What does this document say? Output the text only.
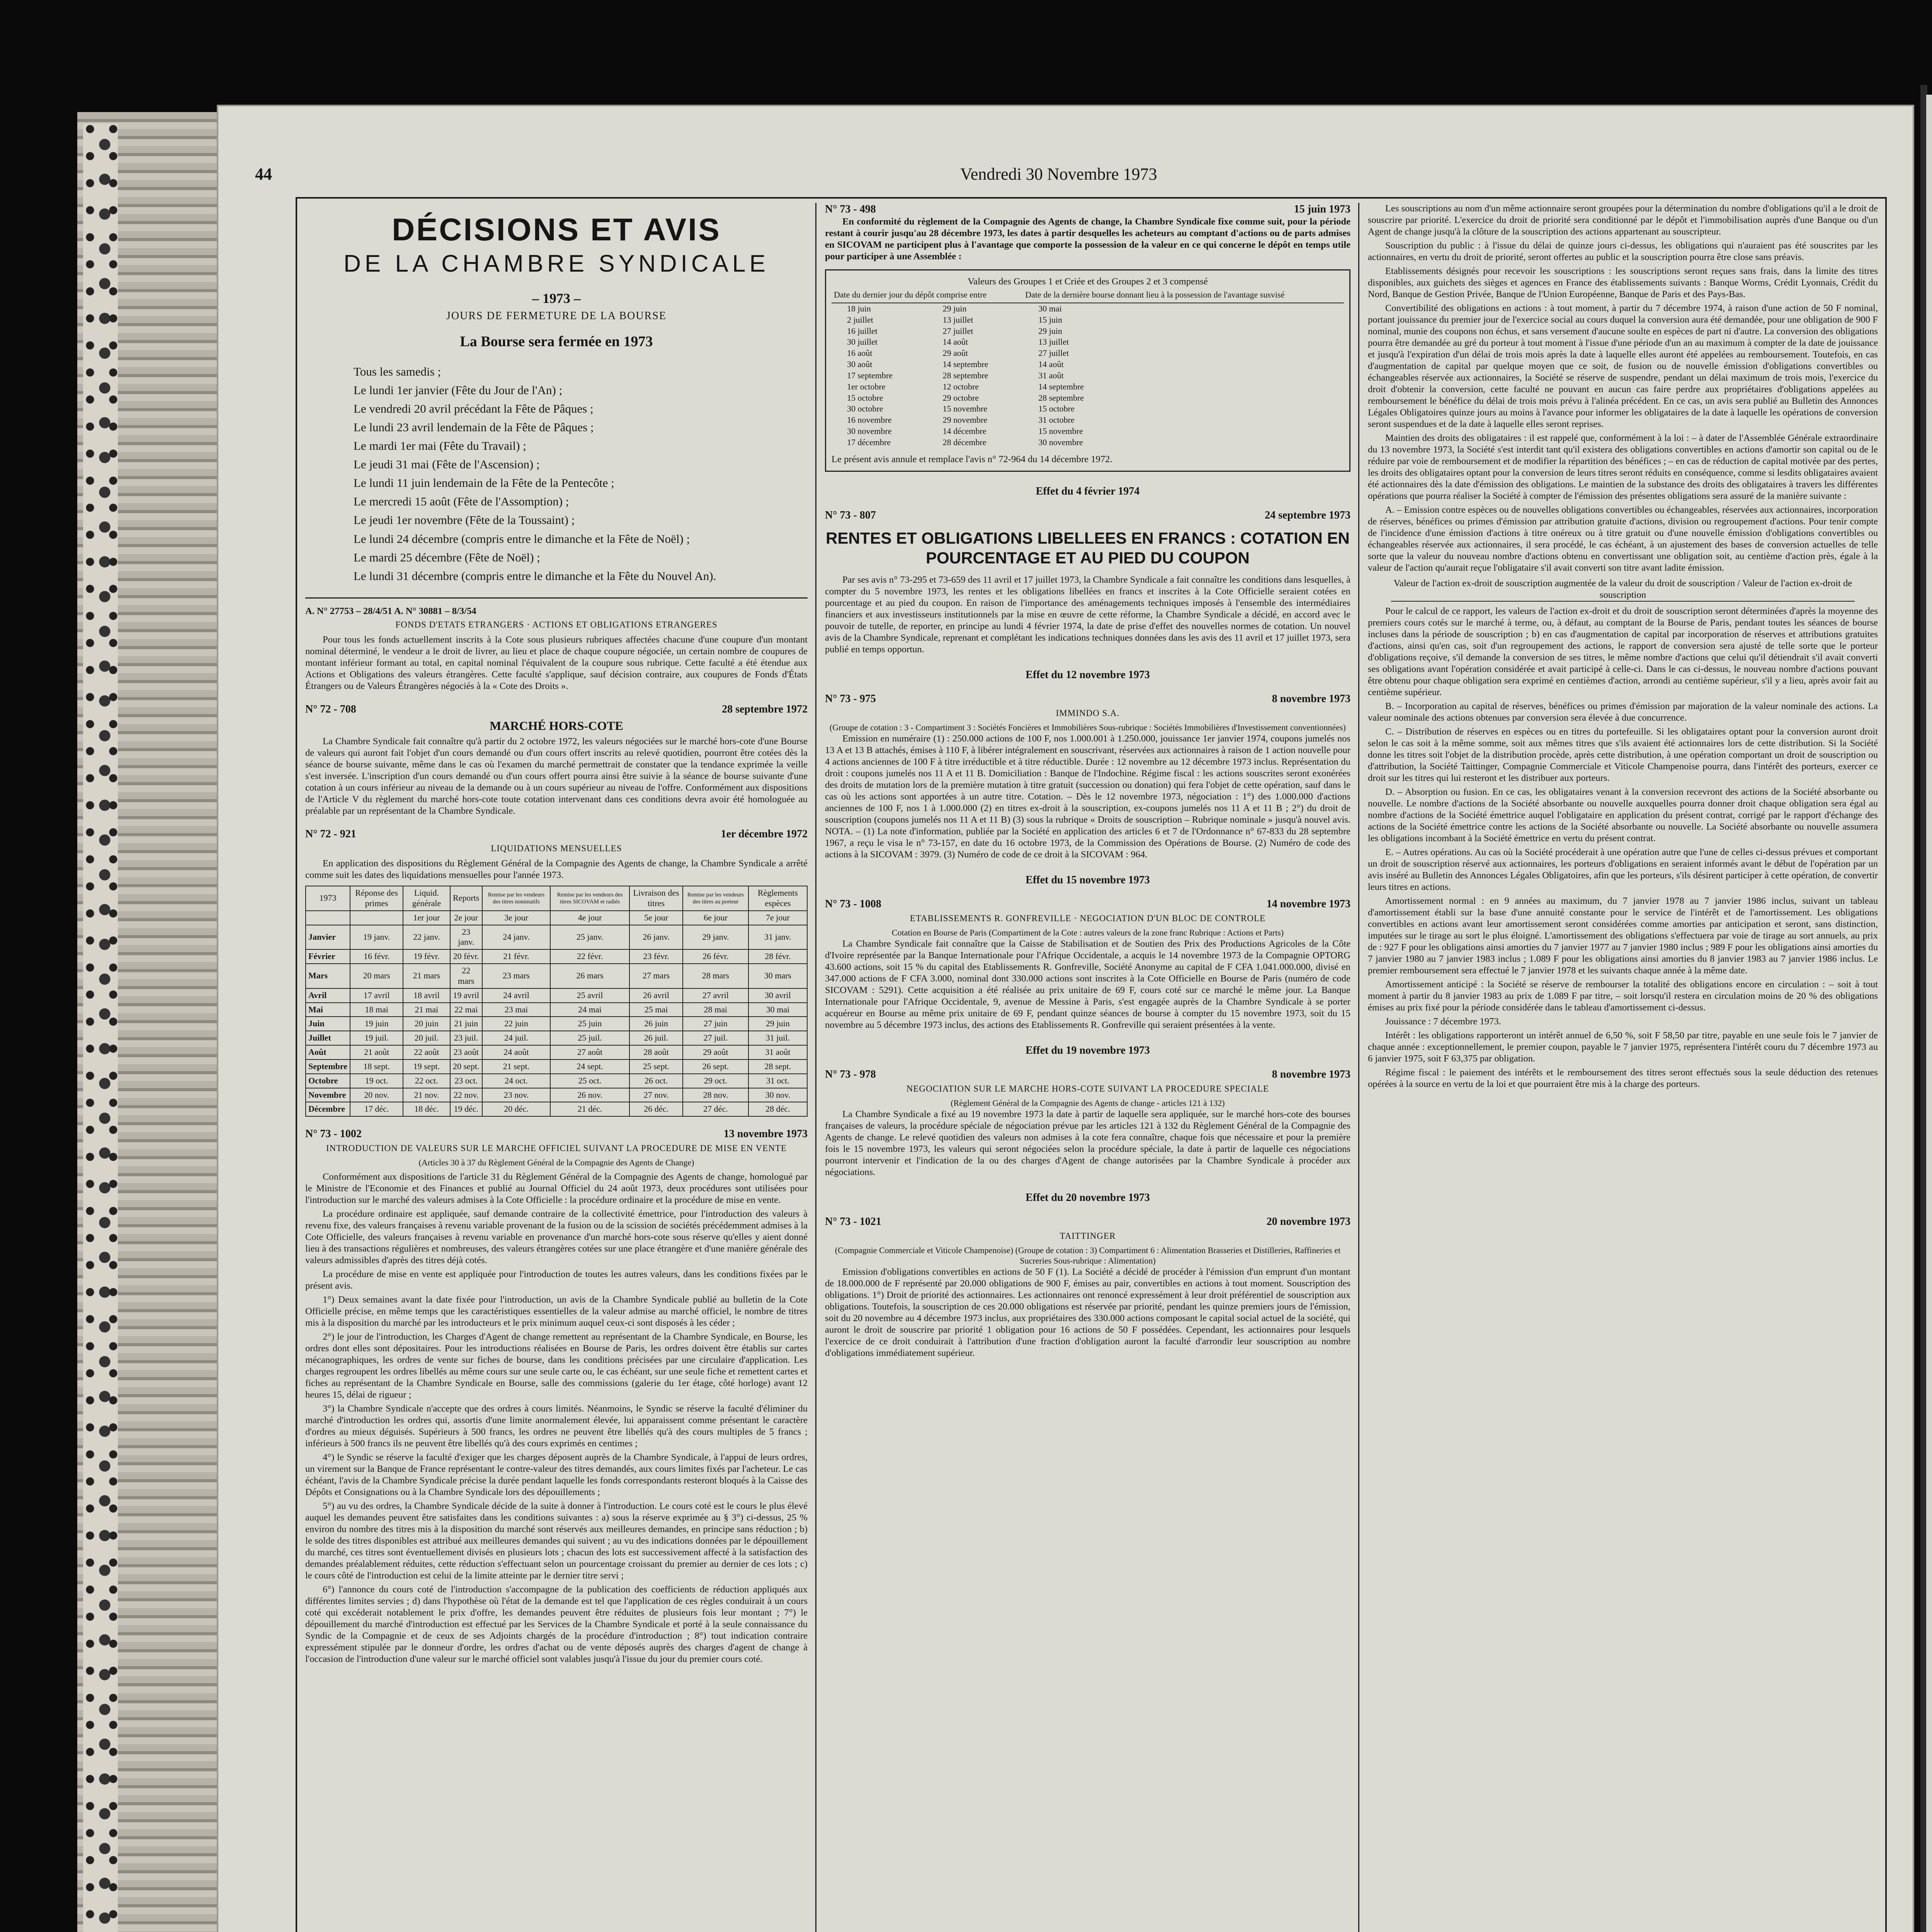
44	Vendredi 30 Novembre 1973
DÉCISIONS ET AVIS
DE LA CHAMBRE SYNDICALE
– 1973 –
JOURS DE FERMETURE DE LA BOURSE
La Bourse sera fermée en 1973
Tous les samedis ;
Le lundi 1er janvier (Fête du Jour de l'An) ;
Le vendredi 20 avril précédant la Fête de Pâques ;
Le lundi 23 avril lendemain de la Fête de Pâques ;
Le mardi 1er mai (Fête du Travail) ;
Le jeudi 31 mai (Fête de l'Ascension) ;
Le lundi 11 juin lendemain de la Fête de la Pentecôte ;
Le mercredi 15 août (Fête de l'Assomption) ;
Le jeudi 1er novembre (Fête de la Toussaint) ;
Le lundi 24 décembre (compris entre le dimanche et la Fête de Noël) ;
Le mardi 25 décembre (Fête de Noël) ;
Le lundi 31 décembre (compris entre le dimanche et la Fête du Nouvel An).
A. N° 27753 – 28/4/51 A. N° 30881 – 8/3/54
FONDS D'ETATS ETRANGERS · ACTIONS ET OBLIGATIONS ETRANGERES

Pour tous les fonds actuellement inscrits à la Cote sous plusieurs rubriques affectées chacune d'une coupure d'un montant nominal déterminé, le vendeur a le droit de livrer, au lieu et place de chaque coupure négociée, un certain nombre de coupures de montant inférieur formant au total, en capital nominal l'équivalent de la coupure sous rubrique. Cette faculté a été étendue aux Actions et Obligations des valeurs étrangères. Cette faculté s'applique, sauf décision contraire, aux coupures de Fonds d'États Étrangers ou de Valeurs Étrangères négociés à la « Cote des Droits ».

N° 72 - 708	28 septembre 1972
MARCHÉ HORS-COTE

La Chambre Syndicale fait connaître qu'à partir du 2 octobre 1972, les valeurs négociées sur le marché hors-cote d'une Bourse de valeurs qui auront fait l'objet d'un cours demandé ou d'un cours offert inscrits au relevé quotidien, pourront être cotées dès la séance de bourse suivante, même dans le cas où l'examen du marché permettrait de constater que la tendance exprimée la veille s'est inversée. L'inscription d'un cours demandé ou d'un cours offert pourra ainsi être suivie à la séance de bourse suivante d'une cotation à un cours inférieur au niveau de la demande ou à un cours supérieur au niveau de l'offre. Conformément aux dispositions de l'Article V du règlement du marché hors-cote toute cotation intervenant dans ces conditions devra avoir été homologuée au préalable par un représentant de la Chambre Syndicale.

N° 72 - 921	1er décembre 1972
LIQUIDATIONS MENSUELLES

En application des dispositions du Règlement Général de la Compagnie des Agents de change, la Chambre Syndicale a arrêté comme suit les dates des liquidations mensuelles pour l'année 1973.

1973	Réponse des primes	Liquid. générale	Reports	Remise par les vendeurs des titres nominatifs	Remise par les vendeurs des titres SICOVAM et radiés	Livraison des titres	Remise par les vendeurs des titres au porteur	Règlements espèces
		1er jour	2e jour	3e jour	4e jour	5e jour	6e jour	7e jour
Janvier	19 janv.	22 janv.	23 janv.	24 janv.	25 janv.	26 janv.	29 janv.	31 janv.
Février	16 févr.	19 févr.	20 févr.	21 févr.	22 févr.	23 févr.	26 févr.	28 févr.
Mars	20 mars	21 mars	22 mars	23 mars	26 mars	27 mars	28 mars	30 mars
Avril	17 avril	18 avril	19 avril	24 avril	25 avril	26 avril	27 avril	30 avril
Mai	18 mai	21 mai	22 mai	23 mai	24 mai	25 mai	28 mai	30 mai
Juin	19 juin	20 juin	21 juin	22 juin	25 juin	26 juin	27 juin	29 juin
Juillet	19 juil.	20 juil.	23 juil.	24 juil.	25 juil.	26 juil.	27 juil.	31 juil.
Août	21 août	22 août	23 août	24 août	27 août	28 août	29 août	31 août
Septembre	18 sept.	19 sept.	20 sept.	21 sept.	24 sept.	25 sept.	26 sept.	28 sept.
Octobre	19 oct.	22 oct.	23 oct.	24 oct.	25 oct.	26 oct.	29 oct.	31 oct.
Novembre	20 nov.	21 nov.	22 nov.	23 nov.	26 nov.	27 nov.	28 nov.	30 nov.
Décembre	17 déc.	18 déc.	19 déc.	20 déc.	21 déc.	26 déc.	27 déc.	28 déc.
N° 73 - 1002	13 novembre 1973
INTRODUCTION DE VALEURS SUR LE MARCHE OFFICIEL SUIVANT LA PROCEDURE DE MISE EN VENTE
(Articles 30 à 37 du Règlement Général de la Compagnie des Agents de Change)

Conformément aux dispositions de l'article 31 du Règlement Général de la Compagnie des Agents de change, homologué par le Ministre de l'Economie et des Finances et publié au Journal Officiel du 24 août 1973, deux procédures sont utilisées pour l'introduction sur le marché des valeurs admises à la Cote Officielle : la procédure ordinaire et la procédure de mise en vente.

La procédure ordinaire est appliquée, sauf demande contraire de la collectivité émettrice, pour l'introduction des valeurs à revenu fixe, des valeurs françaises à revenu variable provenant de la fusion ou de la scission de sociétés précédemment admises à la Cote Officielle, des valeurs françaises à revenu variable en provenance d'un marché hors-cote sous réserve qu'elles y aient donné lieu à des transactions régulières et nombreuses, des valeurs étrangères cotées sur une place étrangère et d'une manière générale des valeurs admissibles d'après des titres déjà cotés.

La procédure de mise en vente est appliquée pour l'introduction de toutes les autres valeurs, dans les conditions fixées par le présent avis.

1°) Deux semaines avant la date fixée pour l'introduction, un avis de la Chambre Syndicale publié au bulletin de la Cote Officielle précise, en même temps que les caractéristiques essentielles de la valeur admise au marché officiel, le nombre de titres mis à la disposition du marché par les introducteurs et le prix minimum auquel ceux-ci sont disposés à les céder ;

2°) le jour de l'introduction, les Charges d'Agent de change remettent au représentant de la Chambre Syndicale, en Bourse, les ordres dont elles sont dépositaires. Pour les introductions réalisées en Bourse de Paris, les ordres doivent être établis sur cartes mécanographiques, les ordres de vente sur fiches de bourse, dans les conditions précisées par une circulaire d'application. Les charges regroupent les ordres libellés au même cours sur une seule carte ou, le cas échéant, sur une seule fiche et remettent cartes et fiches au représentant de la Chambre Syndicale en Bourse, salle des commissions (galerie du 1er étage, côté horloge) avant 12 heures 15, délai de rigueur ;

3°) la Chambre Syndicale n'accepte que des ordres à cours limités. Néanmoins, le Syndic se réserve la faculté d'éliminer du marché d'introduction les ordres qui, assortis d'une limite anormalement élevée, lui apparaissent comme présentant le caractère d'ordres au mieux déguisés. Supérieurs à 500 francs, les ordres ne peuvent être libellés qu'à des cours multiples de 5 francs ; inférieurs à 500 francs ils ne peuvent être libellés qu'à des cours exprimés en centimes ;

4°) le Syndic se réserve la faculté d'exiger que les charges déposent auprès de la Chambre Syndicale, à l'appui de leurs ordres, un virement sur la Banque de France représentant le contre-valeur des titres demandés, aux cours limites fixés par l'acheteur. Le cas échéant, l'avis de la Chambre Syndicale précise la durée pendant laquelle les fonds correspondants resteront bloqués à la Caisse des Dépôts et Consignations ou à la Chambre Syndicale lors des dépouillements ;

5°) au vu des ordres, la Chambre Syndicale décide de la suite à donner à l'introduction. Le cours coté est le cours le plus élevé auquel les demandes peuvent être satisfaites dans les conditions suivantes : a) sous la réserve exprimée au § 3°) ci-dessus, 25 % environ du nombre des titres mis à la disposition du marché sont réservés aux meilleures demandes, en principe sans réduction ; b) le solde des titres disponibles est attribué aux meilleures demandes qui suivent ; au vu des indications données par le dépouillement du marché, ces titres sont éventuellement divisés en plusieurs lots ; chacun des lots est successivement affecté à la satisfaction des demandes préalablement réduites, cette réduction s'effectuant selon un pourcentage croissant du premier au dernier de ces lots ; c) le cours côté de l'introduction est celui de la limite atteinte par le dernier titre servi ;

6°) l'annonce du cours coté de l'introduction s'accompagne de la publication des coefficients de réduction appliqués aux différentes limites servies ; d) dans l'hypothèse où l'état de la demande est tel que l'application de ces règles conduirait à un cours coté qui excéderait notablement le prix d'offre, les demandes peuvent être réduites de plusieurs fois leur montant ; 7°) le dépouillement du marché d'introduction est effectué par les Services de la Chambre Syndicale et porté à la seule connaissance du Syndic de la Compagnie et de ceux de ses Adjoints chargés de la procédure d'introduction ; 8°) tout indication contraire expressément stipulée par le donneur d'ordre, les ordres d'achat ou de vente déposés auprès des charges d'agent de change à l'occasion de l'introduction d'une valeur sur le marché officiel sont valables jusqu'à l'issue du jour du premier cours coté.

N° 73 - 498	15 juin 1973

En conformité du règlement de la Compagnie des Agents de change, la Chambre Syndicale fixe comme suit, pour la période restant à courir jusqu'au 28 décembre 1973, les dates à partir desquelles les acheteurs au comptant d'actions ou de parts admises en SICOVAM ne participent plus à l'avantage que comporte la possession de la valeur en ce qui concerne le dépôt en temps utile pour participer à une Assemblée :

Valeurs des Groupes 1 et Criée et des Groupes 2 et 3 compensé
Date du dernier jour du dépôt comprise entre		Date de la dernière bourse donnant lieu à la possession de l'avantage susvisé
18 juin	29 juin	30 mai
2 juillet	13 juillet	15 juin
16 juillet	27 juillet	29 juin
30 juillet	14 août	13 juillet
16 août	29 août	27 juillet
30 août	14 septembre	14 août
17 septembre	28 septembre	31 août
1er octobre	12 octobre	14 septembre
15 octobre	29 octobre	28 septembre
30 octobre	15 novembre	15 octobre
16 novembre	29 novembre	31 octobre
30 novembre	14 décembre	15 novembre
17 décembre	28 décembre	30 novembre
Le présent avis annule et remplace l'avis n° 72-964 du 14 décembre 1972.
Effet du 4 février 1974
N° 73 - 807	24 septembre 1973
RENTES ET OBLIGATIONS LIBELLEES EN FRANCS : COTATION EN POURCENTAGE ET AU PIED DU COUPON

Par ses avis n° 73-295 et 73-659 des 11 avril et 17 juillet 1973, la Chambre Syndicale a fait connaître les conditions dans lesquelles, à compter du 5 novembre 1973, les rentes et les obligations libellées en francs et inscrites à la Cote Officielle seraient cotées en pourcentage et au pied du coupon. En raison de l'importance des aménagements techniques imposés à l'ensemble des intermédiaires financiers et aux investisseurs institutionnels par la mise en œuvre de cette réforme, la Chambre Syndicale a décidé, en accord avec le pouvoir de tutelle, de reporter, en principe au lundi 4 février 1974, la date de prise d'effet des nouvelles normes de cotation. Un nouvel avis de la Chambre Syndicale, reprenant et complétant les indications techniques données dans les avis des 11 avril et 17 juillet 1973, sera publié en temps opportun.

Effet du 12 novembre 1973
N° 73 - 975	8 novembre 1973
IMMINDO S.A.
(Groupe de cotation : 3 - Compartiment 3 : Sociétés Foncières et Immobilières Sous-rubrique : Sociétés Immobilières d'Investissement conventionnées)

Emission en numéraire (1) : 250.000 actions de 100 F, nos 1.000.001 à 1.250.000, jouissance 1er janvier 1974, coupons jumelés nos 13 A et 13 B attachés, émises à 110 F, à libérer intégralement en souscrivant, réservées aux actionnaires à raison de 1 action nouvelle pour 4 actions anciennes de 100 F à titre irréductible et à titre réductible. Durée : 12 novembre au 12 décembre 1973 inclus. Représentation du droit : coupons jumelés nos 11 A et 11 B. Domiciliation : Banque de l'Indochine. Régime fiscal : les actions souscrites seront exonérées des droits de mutation lors de la première mutation à titre gratuit (succession ou donation) qui fera l'objet de cette opération, sauf dans le cas où les actions sont apportées à un autre titre. Cotation. – Dès le 12 novembre 1973, négociation : 1°) des 1.000.000 d'actions anciennes de 100 F, nos 1 à 1.000.000 (2) en titres ex-droit à la souscription, ex-coupons jumelés nos 11 A et 11 B ; 2°) du droit de souscription (coupons jumelés nos 11 A et 11 B) (3) sous la rubrique « Droits de souscription – Rubrique nominale » jusqu'à nouvel avis. NOTA. – (1) La note d'information, publiée par la Société en application des articles 6 et 7 de l'Ordonnance n° 67-833 du 28 septembre 1967, a reçu le visa le n° 73-157, en date du 16 octobre 1973, de la Commission des Opérations de Bourse. (2) Numéro de code des actions à la SICOVAM : 3979. (3) Numéro de code de ce droit à la SICOVAM : 964.

Effet du 15 novembre 1973
N° 73 - 1008	14 novembre 1973
ETABLISSEMENTS R. GONFREVILLE · NEGOCIATION D'UN BLOC DE CONTROLE
Cotation en Bourse de Paris (Compartiment de la Cote : autres valeurs de la zone franc Rubrique : Actions et Parts)

La Chambre Syndicale fait connaître que la Caisse de Stabilisation et de Soutien des Prix des Productions Agricoles de la Côte d'Ivoire représentée par la Banque Internationale pour l'Afrique Occidentale, a acquis le 14 novembre 1973 de la Compagnie OPTORG 43.600 actions, soit 15 % du capital des Etablissements R. Gonfreville, Société Anonyme au capital de F CFA 1.041.000.000, divisé en 347.000 actions de F CFA 3.000, nominal dont 330.000 actions sont inscrites à la Cote Officielle en Bourse de Paris (numéro de code SICOVAM : 5291). Cette acquisition a été réalisée au prix unitaire de 69 F, cours coté sur ce marché le même jour. La Banque Internationale pour l'Afrique Occidentale, 9, avenue de Messine à Paris, s'est engagée auprès de la Chambre Syndicale à se porter acquéreur en Bourse au même prix unitaire de 69 F, pendant quinze séances de bourse à compter du 15 novembre 1973, soit du 15 novembre au 5 décembre 1973 inclus, des actions des Etablissements R. Gonfreville qui seraient présentées à la vente.

Effet du 19 novembre 1973
N° 73 - 978	8 novembre 1973
NEGOCIATION SUR LE MARCHE HORS-COTE SUIVANT LA PROCEDURE SPECIALE
(Règlement Général de la Compagnie des Agents de change - articles 121 à 132)

La Chambre Syndicale a fixé au 19 novembre 1973 la date à partir de laquelle sera appliquée, sur le marché hors-cote des bourses françaises de valeurs, la procédure spéciale de négociation prévue par les articles 121 à 132 du Règlement Général de la Compagnie des Agents de change. Le relevé quotidien des valeurs non admises à la cote fera connaître, chaque fois que nécessaire et pour la première fois le 15 novembre 1973, les valeurs qui seront négociées selon la procédure spéciale, la date à partir de laquelle ces négociations pourront intervenir et l'indication de la ou des charges d'Agent de change autorisées par la Chambre Syndicale à procéder aux négociations.

Effet du 20 novembre 1973
N° 73 - 1021	20 novembre 1973
TAITTINGER
(Compagnie Commerciale et Viticole Champenoise) (Groupe de cotation : 3) Compartiment 6 : Alimentation Brasseries et Distilleries, Raffineries et Sucreries Sous-rubrique : Alimentation)

Emission d'obligations convertibles en actions de 50 F (1). La Société a décidé de procéder à l'émission d'un emprunt d'un montant de 18.000.000 de F représenté par 20.000 obligations de 900 F, émises au pair, convertibles en actions à tout moment. Souscription des obligations. 1°) Droit de priorité des actionnaires. Les actionnaires ont renoncé expressément à leur droit préférentiel de souscription aux obligations. Toutefois, la souscription de ces 20.000 obligations est réservée par priorité, pendant les quinze premiers jours de l'émission, soit du 20 novembre au 4 décembre 1973 inclus, aux propriétaires des 330.000 actions composant le capital social actuel de la société, qui auront le droit de souscrire par priorité 1 obligation pour 16 actions de 50 F possédées. Cependant, les actionnaires pour lesquels l'exercice de ce droit conduirait à l'attribution d'une fraction d'obligation auront la faculté d'arrondir leur souscription au nombre d'obligations immédiatement supérieur.

Les souscriptions au nom d'un même actionnaire seront groupées pour la détermination du nombre d'obligations qu'il a le droit de souscrire par priorité. L'exercice du droit de priorité sera conditionné par le dépôt et l'immobilisation auprès d'une Banque ou d'un Agent de change jusqu'à la clôture de la souscription des actions appartenant au souscripteur.

Souscription du public : à l'issue du délai de quinze jours ci-dessus, les obligations qui n'auraient pas été souscrites par les actionnaires, en vertu du droit de priorité, seront offertes au public et la souscription pourra être close sans préavis.

Etablissements désignés pour recevoir les souscriptions : les souscriptions seront reçues sans frais, dans la limite des titres disponibles, aux guichets des sièges et agences en France des établissements suivants : Banque Worms, Crédit Lyonnais, Crédit du Nord, Banque de Gestion Privée, Banque de l'Union Européenne, Banque de Paris et des Pays-Bas.

Convertibilité des obligations en actions : à tout moment, à partir du 7 décembre 1974, à raison d'une action de 50 F nominal, portant jouissance du premier jour de l'exercice social au cours duquel la conversion aura été demandée, pour une obligation de 900 F nominal, munie des coupons non échus, et sans versement d'aucune soulte en espèces de part ni d'autre. La conversion des obligations pourra être demandée au gré du porteur à tout moment à l'issue d'une période d'un an au maximum à compter de la date de jouissance et jusqu'à l'expiration d'un délai de trois mois après la date à laquelle elles auront été appelées au remboursement. Toutefois, en cas d'augmentation de capital par quelque moyen que ce soit, de fusion ou de nouvelle émission d'obligations convertibles ou échangeables réservée aux actionnaires, la Société se réserve de suspendre, pendant un délai maximum de trois mois, l'exercice du droit d'obtenir la conversion, cette faculté ne pouvant en aucun cas faire perdre aux propriétaires d'obligations appelées au remboursement le bénéfice du délai de trois mois prévu à l'alinéa précédent. En ce cas, un avis sera publié au Bulletin des Annonces Légales Obligatoires quinze jours au moins à l'avance pour informer les obligataires de la date à laquelle les opérations de conversion seront suspendues et de la date à laquelle elles seront reprises.

Maintien des droits des obligataires : il est rappelé que, conformément à la loi : – à dater de l'Assemblée Générale extraordinaire du 13 novembre 1973, la Société s'est interdit tant qu'il existera des obligations convertibles en actions d'amortir son capital ou de le réduire par voie de remboursement et de modifier la répartition des bénéfices ; – en cas de réduction de capital motivée par des pertes, les droits des obligataires optant pour la conversion de leurs titres seront réduits en conséquence, comme si lesdits obligataires avaient été actionnaires dès la date d'émission des obligations. Le maintien de la substance des droits des obligataires à travers les différentes opérations que pourra réaliser la Société à compter de l'émission des présentes obligations sera assuré de la manière suivante :

A. – Emission contre espèces ou de nouvelles obligations convertibles ou échangeables, réservées aux actionnaires, incorporation de réserves, bénéfices ou primes d'émission par attribution gratuite d'actions, division ou regroupement d'actions. Pour tenir compte de l'incidence d'une émission d'actions à titre onéreux ou à titre gratuit ou d'une nouvelle émission d'obligations convertibles ou échangeables réservée aux actionnaires, il sera procédé, le cas échéant, à un ajustement des bases de conversion actuelles de telle sorte que la valeur du nouveau nombre d'actions obtenu en convertissant une obligation soit, au centième d'action près, égale à la valeur de l'action qu'aurait reçue l'obligataire s'il avait converti son titre avant ladite émission.

Valeur de l'action ex-droit de souscription augmentée de la valeur du droit de souscription / Valeur de l'action ex-droit de souscription

Pour le calcul de ce rapport, les valeurs de l'action ex-droit et du droit de souscription seront déterminées d'après la moyenne des premiers cours cotés sur le marché à terme, ou, à défaut, au comptant de la Bourse de Paris, pendant toutes les séances de bourse incluses dans la période de souscription ; b) en cas d'augmentation de capital par incorporation de réserves et attributions gratuites d'actions, ainsi qu'en cas, soit d'un regroupement des actions, le rapport de conversion sera ajusté de telle sorte que le porteur d'obligations reçoive, s'il demande la conversion de ses titres, le même nombre d'actions que celui qu'il détiendrait s'il avait converti ses obligations avant l'opération considérée et avait participé à celle-ci. Dans le cas ci-dessus, le nouveau nombre d'actions pouvant être obtenu pour chaque obligation sera exprimé en centièmes d'action, arrondi au centième supérieur, s'il y a lieu, après avoir fait au centième supérieur.

B. – Incorporation au capital de réserves, bénéfices ou primes d'émission par majoration de la valeur nominale des actions. La valeur nominale des actions obtenues par conversion sera élevée à due concurrence.

C. – Distribution de réserves en espèces ou en titres du portefeuille. Si les obligataires optant pour la conversion auront droit selon le cas soit à la même somme, soit aux mêmes titres que s'ils avaient été actionnaires lors de cette distribution. Si la Société donne les titres soit l'objet de la distribution procède, après cette distribution, à une opération comportant un droit de souscription ou d'attribution, la Société Taittinger, Compagnie Commerciale et Viticole Champenoise pourra, dans l'intérêt des porteurs, exercer ce droit sur les titres qui lui resteront et les distribuer aux porteurs.

D. – Absorption ou fusion. En ce cas, les obligataires venant à la conversion recevront des actions de la Société absorbante ou nouvelle. Le nombre d'actions de la Société absorbante ou nouvelle auxquelles pourra donner droit chaque obligation sera égal au nombre d'actions de la Société émettrice auquel l'obligataire en application du présent contrat, corrigé par le rapport d'échange des actions de la Société émettrice contre les actions de la Société absorbante ou nouvelle. La Société absorbante ou nouvelle assumera les obligations incombant à la Société émettrice en vertu du présent contrat.

E. – Autres opérations. Au cas où la Société procéderait à une opération autre que l'une de celles ci-dessus prévues et comportant un droit de souscription réservé aux actionnaires, les porteurs d'obligations en seraient informés avant le début de l'opération par un avis inséré au Bulletin des Annonces Légales Obligatoires, afin que les porteurs, s'ils désirent participer à cette opération, de convertir leurs titres en actions.

Amortissement normal : en 9 années au maximum, du 7 janvier 1978 au 7 janvier 1986 inclus, suivant un tableau d'amortissement établi sur la base d'une annuité constante pour le service de l'intérêt et de l'amortissement. Les obligations convertibles en actions avant leur amortissement seront considérées comme amorties par anticipation et seront, sans distinction, imputées sur le tirage au sort le plus éloigné. L'amortissement des obligations s'effectuera par voie de tirage au sort annuels, au prix de : 927 F pour les obligations ainsi amorties du 7 janvier 1977 au 7 janvier 1980 inclus ; 989 F pour les obligations ainsi amorties du 7 janvier 1980 au 7 janvier 1983 inclus ; 1.089 F pour les obligations ainsi amorties du 8 janvier 1983 au 7 janvier 1986 inclus. Le premier remboursement sera effectué le 7 janvier 1978 et les suivants chaque année à la même date.

Amortissement anticipé : la Société se réserve de rembourser la totalité des obligations encore en circulation : – soit à tout moment à partir du 8 janvier 1983 au prix de 1.089 F par titre, – soit lorsqu'il restera en circulation moins de 20 % des obligations émises au prix fixé pour la période considérée dans le tableau d'amortissement ci-dessus.

Jouissance : 7 décembre 1973.

Intérêt : les obligations rapporteront un intérêt annuel de 6,50 %, soit F 58,50 par titre, payable en une seule fois le 7 janvier de chaque année : exceptionnellement, le premier coupon, payable le 7 janvier 1975, représentera l'intérêt couru du 7 décembre 1973 au 6 janvier 1975, soit F 63,375 par obligation.

Régime fiscal : le paiement des intérêts et le remboursement des titres seront effectués sous la seule déduction des retenues opérées à la source en vertu de la loi et que pourraient être mis à la charge des porteurs.
